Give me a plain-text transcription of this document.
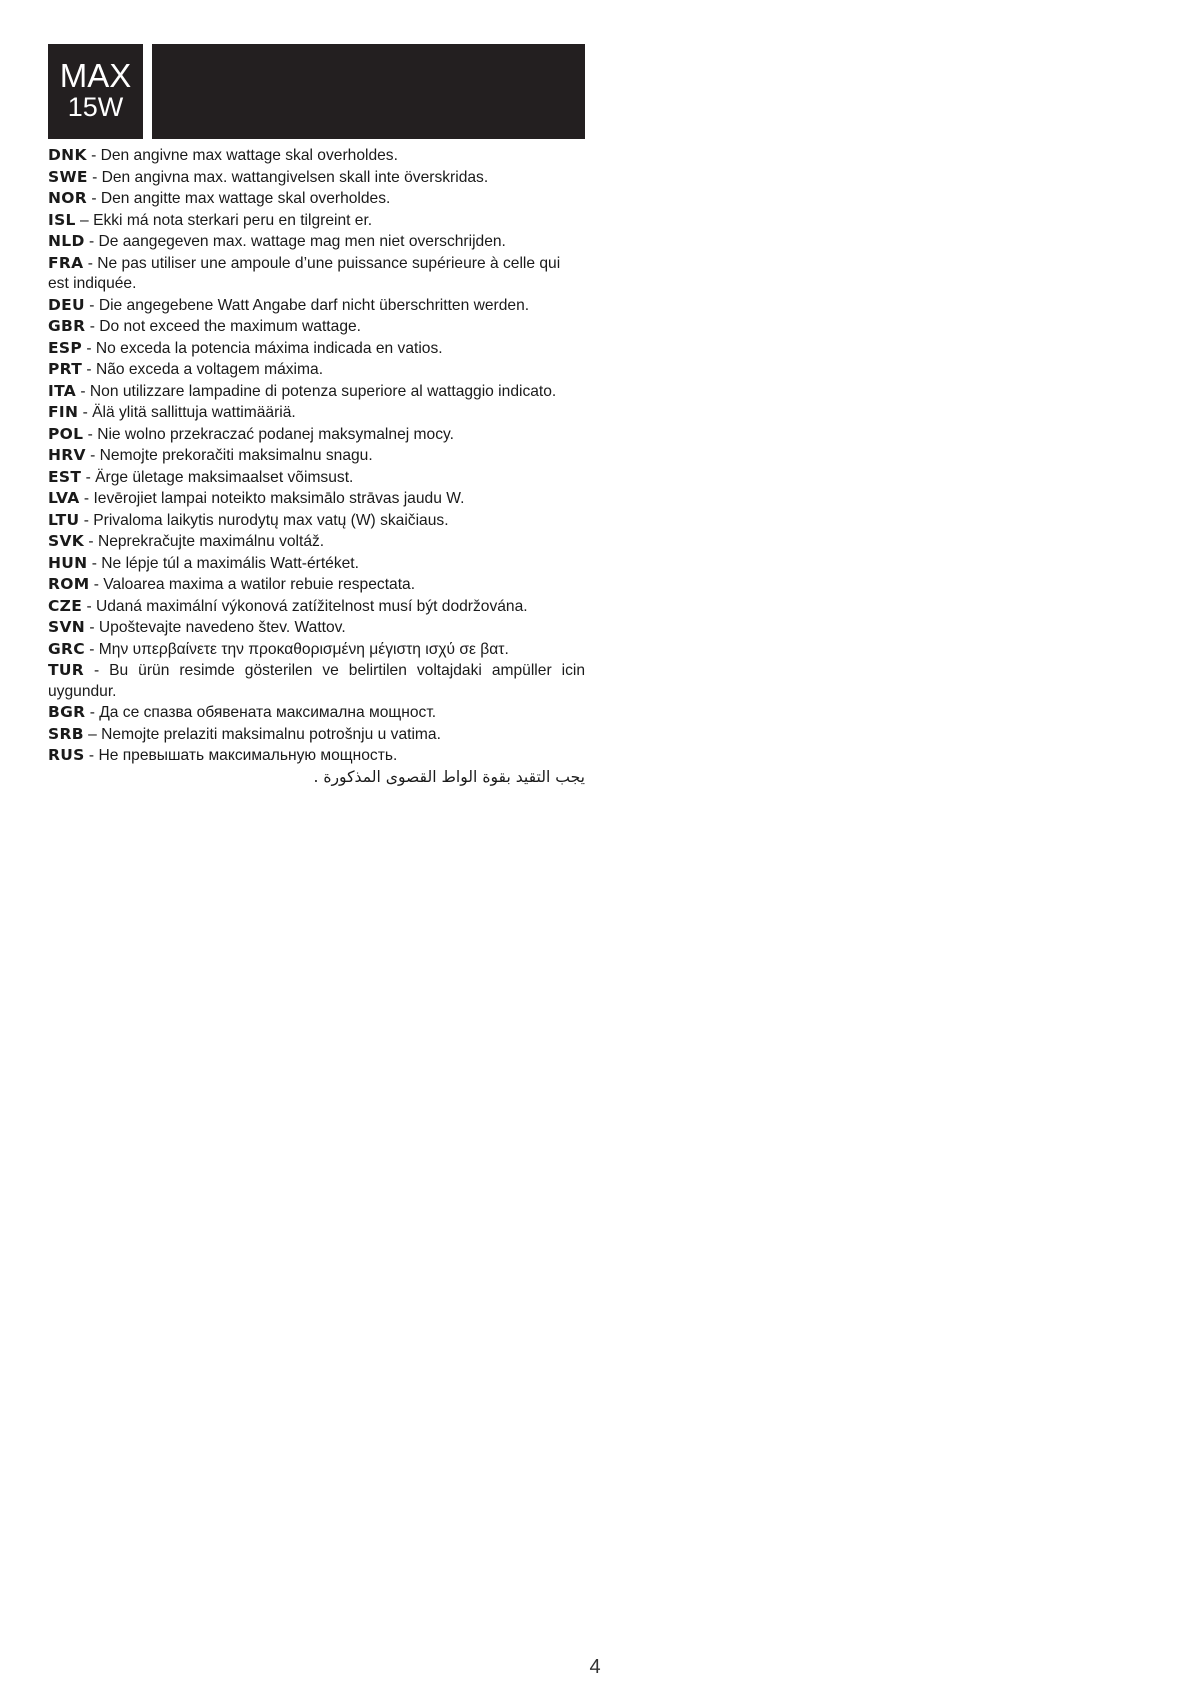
MAX
15W
DNK - Den angivne max wattage skal overholdes.
SWE - Den angivna max. wattangivelsen skall inte överskridas.
NOR - Den angitte max wattage skal overholdes.
ISL – Ekki má nota sterkari peru en tilgreint er.
NLD - De aangegeven max. wattage mag men niet overschrijden.
FRA - Ne pas utiliser une ampoule d’une puissance supérieure à celle qui est indiquée.
DEU - Die angegebene Watt Angabe darf nicht überschritten werden.
GBR - Do not exceed the maximum wattage.
ESP - No exceda la potencia máxima indicada en vatios.
PRT - Não exceda a voltagem máxima.
ITA - Non utilizzare lampadine di potenza superiore al wattaggio indicato.
FIN - Älä ylitä sallittuja wattimääriä.
POL - Nie wolno przekraczać podanej maksymalnej mocy.
HRV - Nemojte prekoračiti maksimalnu snagu.
EST - Ärge ületage maksimaalset võimsust.
LVA - Ievērojiet lampai noteikto maksimālo strāvas jaudu W.
LTU - Privaloma laikytis nurodytų max vatų (W) skaičiaus.
SVK - Neprekračujte maximálnu voltáž.
HUN - Ne lépje túl a maximális Watt-értéket.
ROM - Valoarea maxima a watilor rebuie respectata.
CZE - Udaná maximální výkonová zatížitelnost musí být dodržována.
SVN - Upoštevajte navedeno štev. Wattov.
GRC - Μην υπερβαίνετε την προκαθορισμένη μέγιστη ισχύ σε βατ.
TUR - Bu ürün resimde gösterilen ve belirtilen voltajdaki ampüller icin uygundur.
BGR - Да се спазва обявената максимална мощност.
SRB – Nemojte prelaziti maksimalnu potrošnju u vatima.
RUS - Не превышать максимальную мощность.
يجب التقيد بقوة الواط القصوى المذكورة .
4
